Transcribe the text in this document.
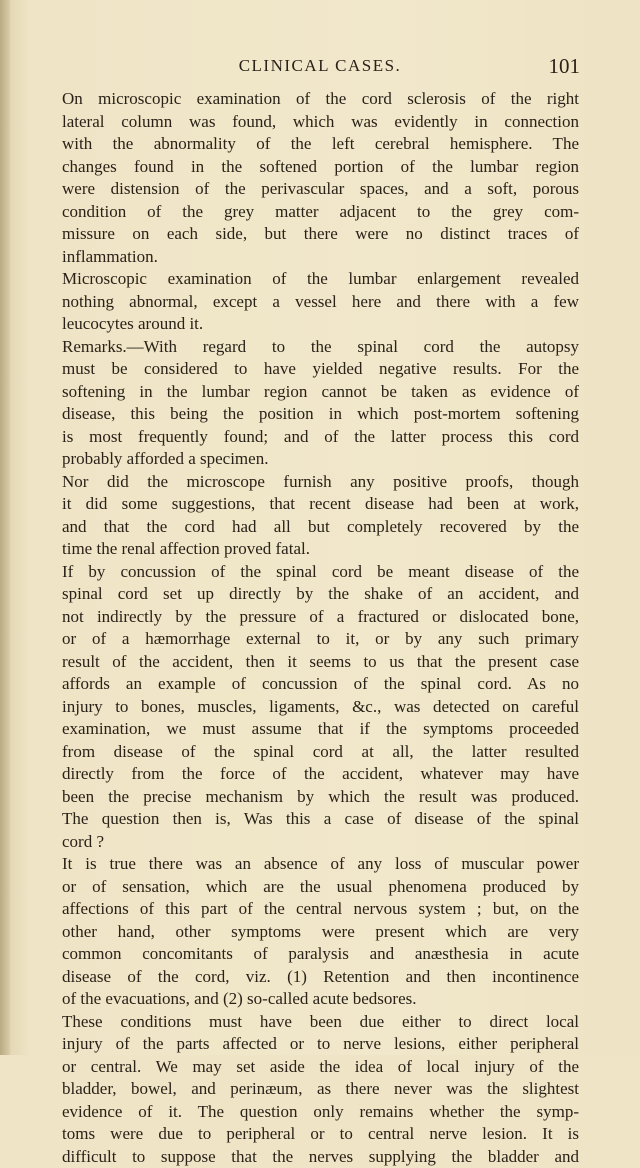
CLINICAL CASES.	101
On microscopic examination of the cord sclerosis of the right
lateral column was found, which was evidently in connection
with the abnormality of the left cerebral hemisphere. The
changes found in the softened portion of the lumbar region
were distension of the perivascular spaces, and a soft, porous
condition of the grey matter adjacent to the grey com-
missure on each side, but there were no distinct traces of
inflammation.
Microscopic examination of the lumbar enlargement revealed
nothing abnormal, except a vessel here and there with a few
leucocytes around it.
Remarks.—With regard to the spinal cord the autopsy
must be considered to have yielded negative results. For the
softening in the lumbar region cannot be taken as evidence of
disease, this being the position in which post-mortem softening
is most frequently found; and of the latter process this cord
probably afforded a specimen.
Nor did the microscope furnish any positive proofs, though
it did some suggestions, that recent disease had been at work,
and that the cord had all but completely recovered by the
time the renal affection proved fatal.
If by concussion of the spinal cord be meant disease of the
spinal cord set up directly by the shake of an accident, and
not indirectly by the pressure of a fractured or dislocated bone,
or of a hæmorrhage external to it, or by any such primary
result of the accident, then it seems to us that the present case
affords an example of concussion of the spinal cord. As no
injury to bones, muscles, ligaments, &c., was detected on careful
examination, we must assume that if the symptoms proceeded
from disease of the spinal cord at all, the latter resulted
directly from the force of the accident, whatever may have
been the precise mechanism by which the result was produced.
The question then is, Was this a case of disease of the spinal
cord ?
It is true there was an absence of any loss of muscular power
or of sensation, which are the usual phenomena produced by
affections of this part of the central nervous system ; but, on the
other hand, other symptoms were present which are very
common concomitants of paralysis and anæsthesia in acute
disease of the cord, viz. (1) Retention and then incontinence
of the evacuations, and (2) so-called acute bedsores.
These conditions must have been due either to direct local
injury of the parts affected or to nerve lesions, either peripheral
or central. We may set aside the idea of local injury of the
bladder, bowel, and perinæum, as there never was the slightest
evidence of it. The question only remains whether the symp-
toms were due to peripheral or to central nerve lesion. It is
difficult to suppose that the nerves supplying the bladder and
